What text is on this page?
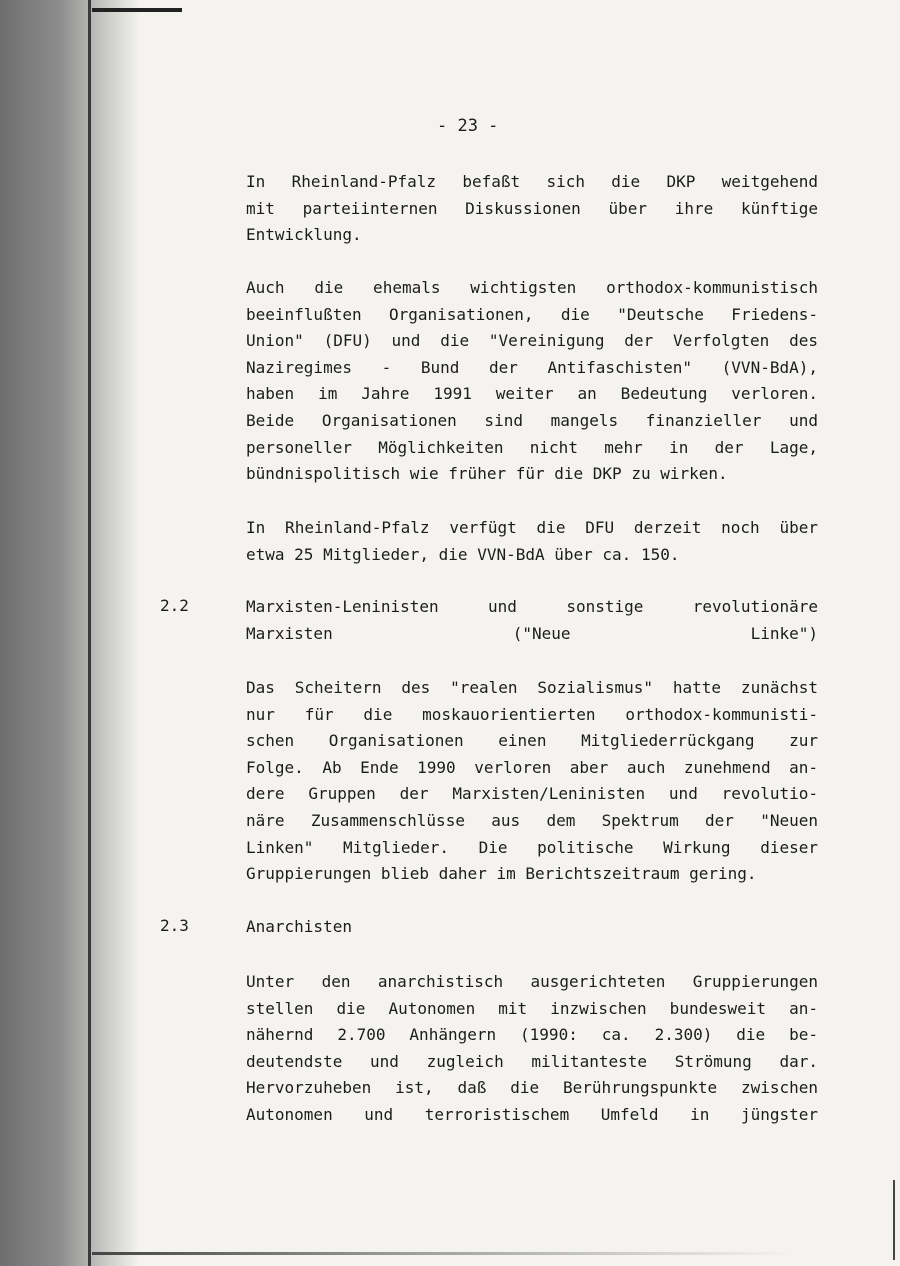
- 23 -

In Rheinland-Pfalz befaßt sich die DKP weitgehend
mit parteiinternen Diskussionen über ihre künftige
Entwicklung.

Auch die ehemals wichtigsten orthodox-kommunistisch
beeinflußten Organisationen, die "Deutsche Friedens-
Union" (DFU) und die "Vereinigung der Verfolgten des
Naziregimes - Bund der Antifaschisten" (VVN-BdA),
haben im Jahre 1991 weiter an Bedeutung verloren.
Beide Organisationen sind mangels finanzieller und
personeller Möglichkeiten nicht mehr in der Lage,
bündnispolitisch wie früher für die DKP zu wirken.

In Rheinland-Pfalz verfügt die DFU derzeit noch über
etwa 25 Mitglieder, die VVN-BdA über ca. 150.

2.2	Marxisten-Leninisten und sonstige revolutionäre
Marxisten ("Neue Linke")

Das Scheitern des "realen Sozialismus" hatte zunächst
nur für die moskauorientierten orthodox-kommunisti-
schen Organisationen einen Mitgliederrückgang zur
Folge. Ab Ende 1990 verloren aber auch zunehmend an-
dere Gruppen der Marxisten/Leninisten und revolutio-
näre Zusammenschlüsse aus dem Spektrum der "Neuen
Linken" Mitglieder. Die politische Wirkung dieser
Gruppierungen blieb daher im Berichtszeitraum gering.

2.3	Anarchisten

Unter den anarchistisch ausgerichteten Gruppierungen
stellen die Autonomen mit inzwischen bundesweit an-
nähernd 2.700 Anhängern (1990: ca. 2.300) die be-
deutendste und zugleich militanteste Strömung dar.
Hervorzuheben ist, daß die Berührungspunkte zwischen
Autonomen und terroristischem Umfeld in jüngster
